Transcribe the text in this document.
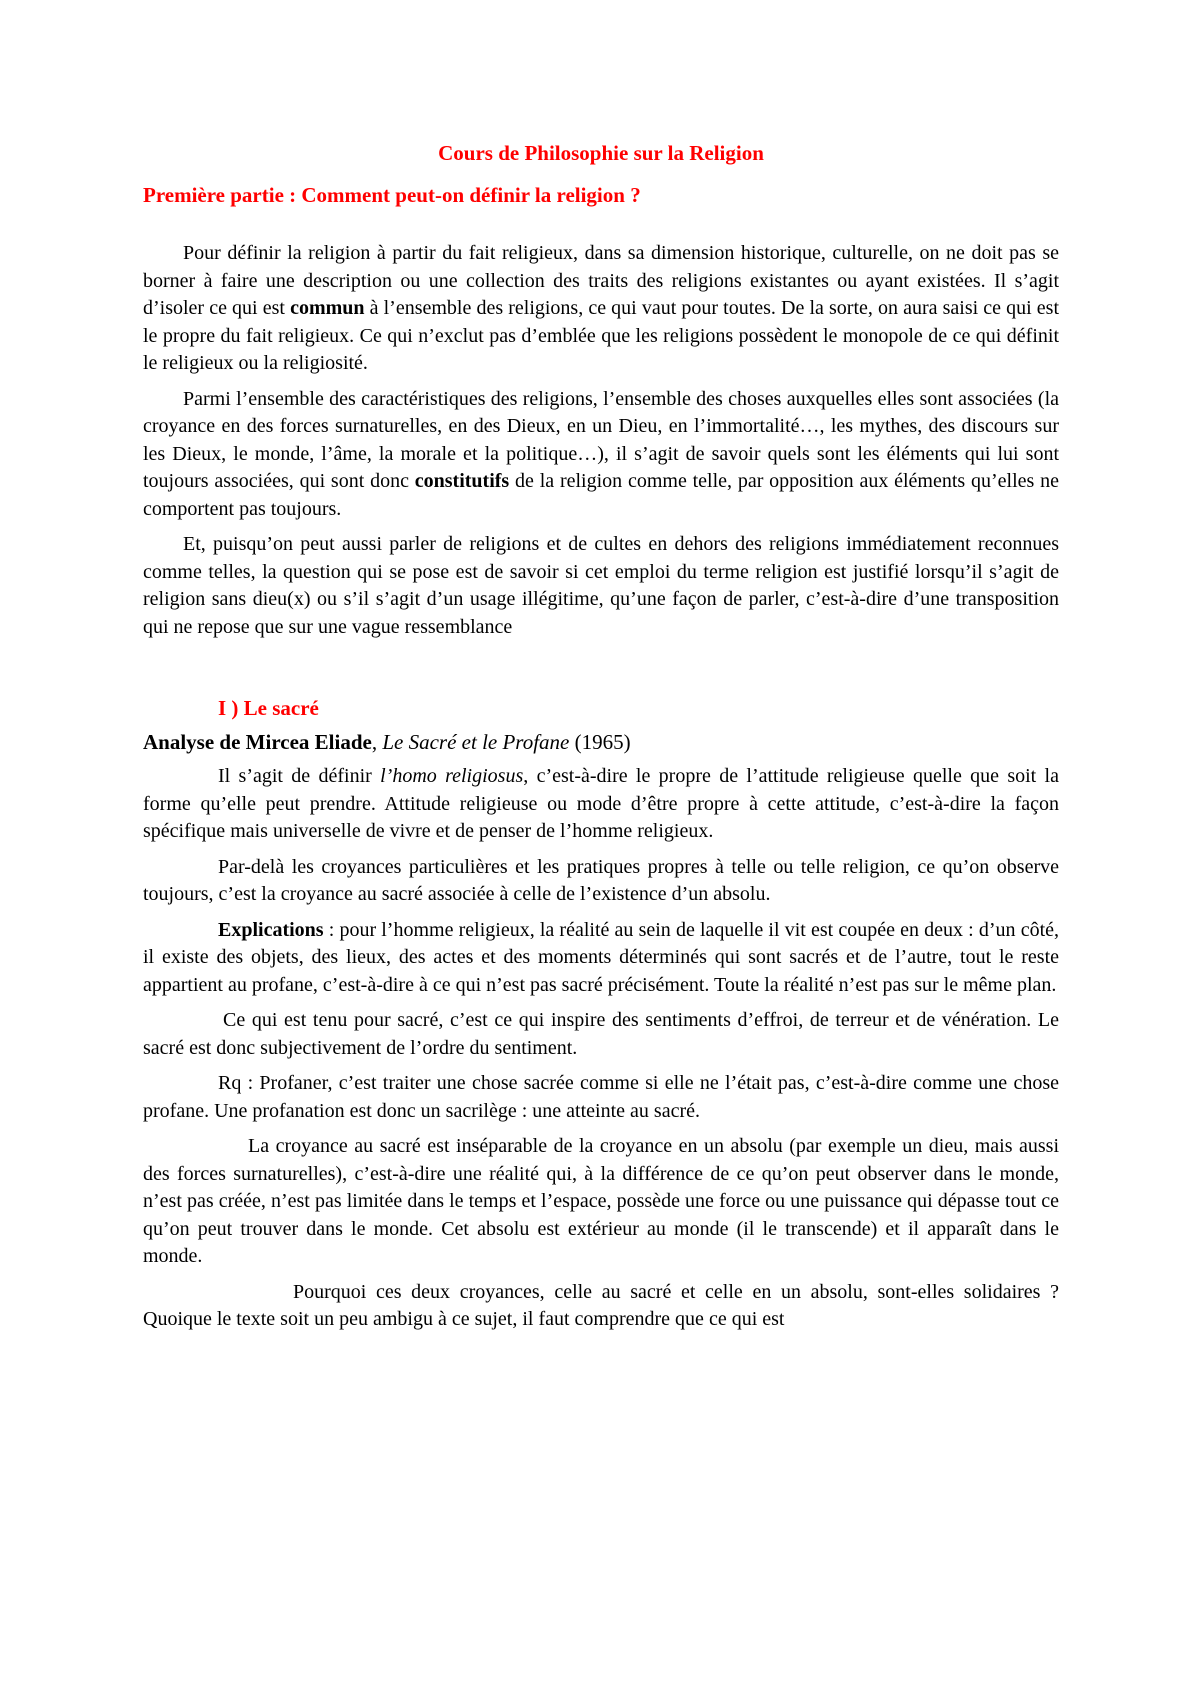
Cours de Philosophie sur la Religion
Première partie : Comment peut-on définir la religion ?

Pour définir la religion à partir du fait religieux, dans sa dimension historique, culturelle, on ne doit pas se borner à faire une description ou une collection des traits des religions existantes ou ayant existées. Il s’agit d’isoler ce qui est commun à l’ensemble des religions, ce qui vaut pour toutes. De la sorte, on aura saisi ce qui est le propre du fait religieux. Ce qui n’exclut pas d’emblée que les religions possèdent le monopole de ce qui définit le religieux ou la religiosité.

Parmi l’ensemble des caractéristiques des religions, l’ensemble des choses auxquelles elles sont associées (la croyance en des forces surnaturelles, en des Dieux, en un Dieu, en l’immortalité…, les mythes, des discours sur les Dieux, le monde, l’âme, la morale et la politique…), il s’agit de savoir quels sont les éléments qui lui sont toujours associées, qui sont donc constitutifs de la religion comme telle, par opposition aux éléments qu’elles ne comportent pas toujours.

Et, puisqu’on peut aussi parler de religions et de cultes en dehors des religions immédiatement reconnues comme telles, la question qui se pose est de savoir si cet emploi du terme religion est justifié lorsqu’il s’agit de religion sans dieu(x) ou s’il s’agit d’un usage illégitime, qu’une façon de parler, c’est-à-dire d’une transposition qui ne repose que sur une vague ressemblance

I ) Le sacré
Analyse de Mircea Eliade, Le Sacré et le Profane (1965)

Il s’agit de définir l’homo religiosus, c’est-à-dire le propre de l’attitude religieuse quelle que soit la forme qu’elle peut prendre. Attitude religieuse ou mode d’être propre à cette attitude, c’est-à-dire la façon spécifique mais universelle de vivre et de penser de l’homme religieux.

Par-delà les croyances particulières et les pratiques propres à telle ou telle religion, ce qu’on observe toujours, c’est la croyance au sacré associée à celle de l’existence d’un absolu.

Explications : pour l’homme religieux, la réalité au sein de laquelle il vit est coupée en deux : d’un côté, il existe des objets, des lieux, des actes et des moments déterminés qui sont sacrés et de l’autre, tout le reste appartient au profane, c’est-à-dire à ce qui n’est pas sacré précisément. Toute la réalité n’est pas sur le même plan.

Ce qui est tenu pour sacré, c’est ce qui inspire des sentiments d’effroi, de terreur et de vénération. Le sacré est donc subjectivement de l’ordre du sentiment.

Rq : Profaner, c’est traiter une chose sacrée comme si elle ne l’était pas, c’est-à-dire comme une chose profane. Une profanation est donc un sacrilège : une atteinte au sacré.

La croyance au sacré est inséparable de la croyance en un absolu (par exemple un dieu, mais aussi des forces surnaturelles), c’est-à-dire une réalité qui, à la différence de ce qu’on peut observer dans le monde, n’est pas créée, n’est pas limitée dans le temps et l’espace, possède une force ou une puissance qui dépasse tout ce qu’on peut trouver dans le monde. Cet absolu est extérieur au monde (il le transcende) et il apparaît dans le monde.

Pourquoi ces deux croyances, celle au sacré et celle en un absolu, sont-elles solidaires ? Quoique le texte soit un peu ambigu à ce sujet, il faut comprendre que ce qui est
